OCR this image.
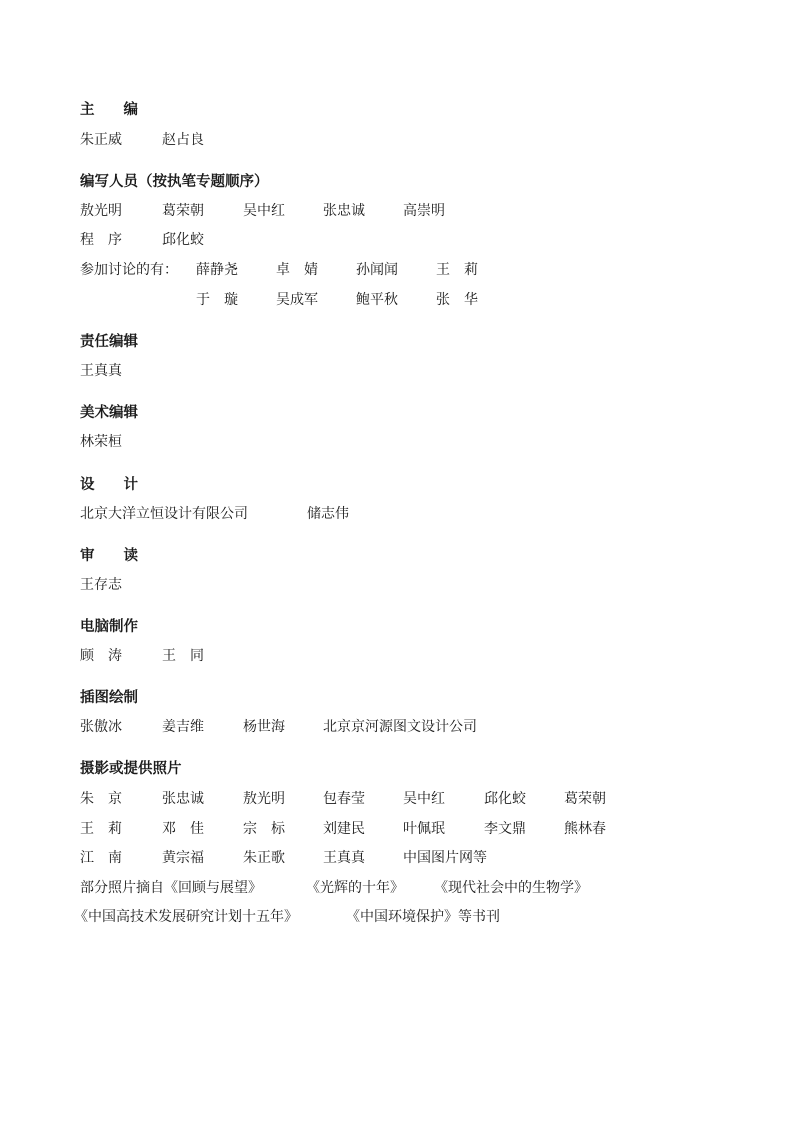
主　　编
朱正威	赵占良
编写人员（按执笔专题顺序）
敖光明	葛荣朝	吴中红	张忠诚	高崇明
程　序	邱化蛟
参加讨论的有： 薛静尧	卓　婧	孙闻闻	王　莉
于　璇	吴成军	鲍平秋	张　华
责任编辑
王真真
美术编辑
林荣桓
设　　计
北京大洋立恒设计有限公司	储志伟
审　　读
王存志
电脑制作
顾　涛	王　同
插图绘制
张傲冰	姜吉维	杨世海	北京京河源图文设计公司
摄影或提供照片
朱　京	张忠诚	敖光明	包春莹	吴中红	邱化蛟	葛荣朝
王　莉	邓　佳	宗　标	刘建民	叶佩珉	李文鼎	熊林春
江　南	黄宗福	朱正歌	王真真	中国图片网等
部分照片摘自《回顾与展望》	《光辉的十年》 《现代社会中的生物学》
《中国高技术发展研究计划十五年》	《中国环境保护》等书刊
